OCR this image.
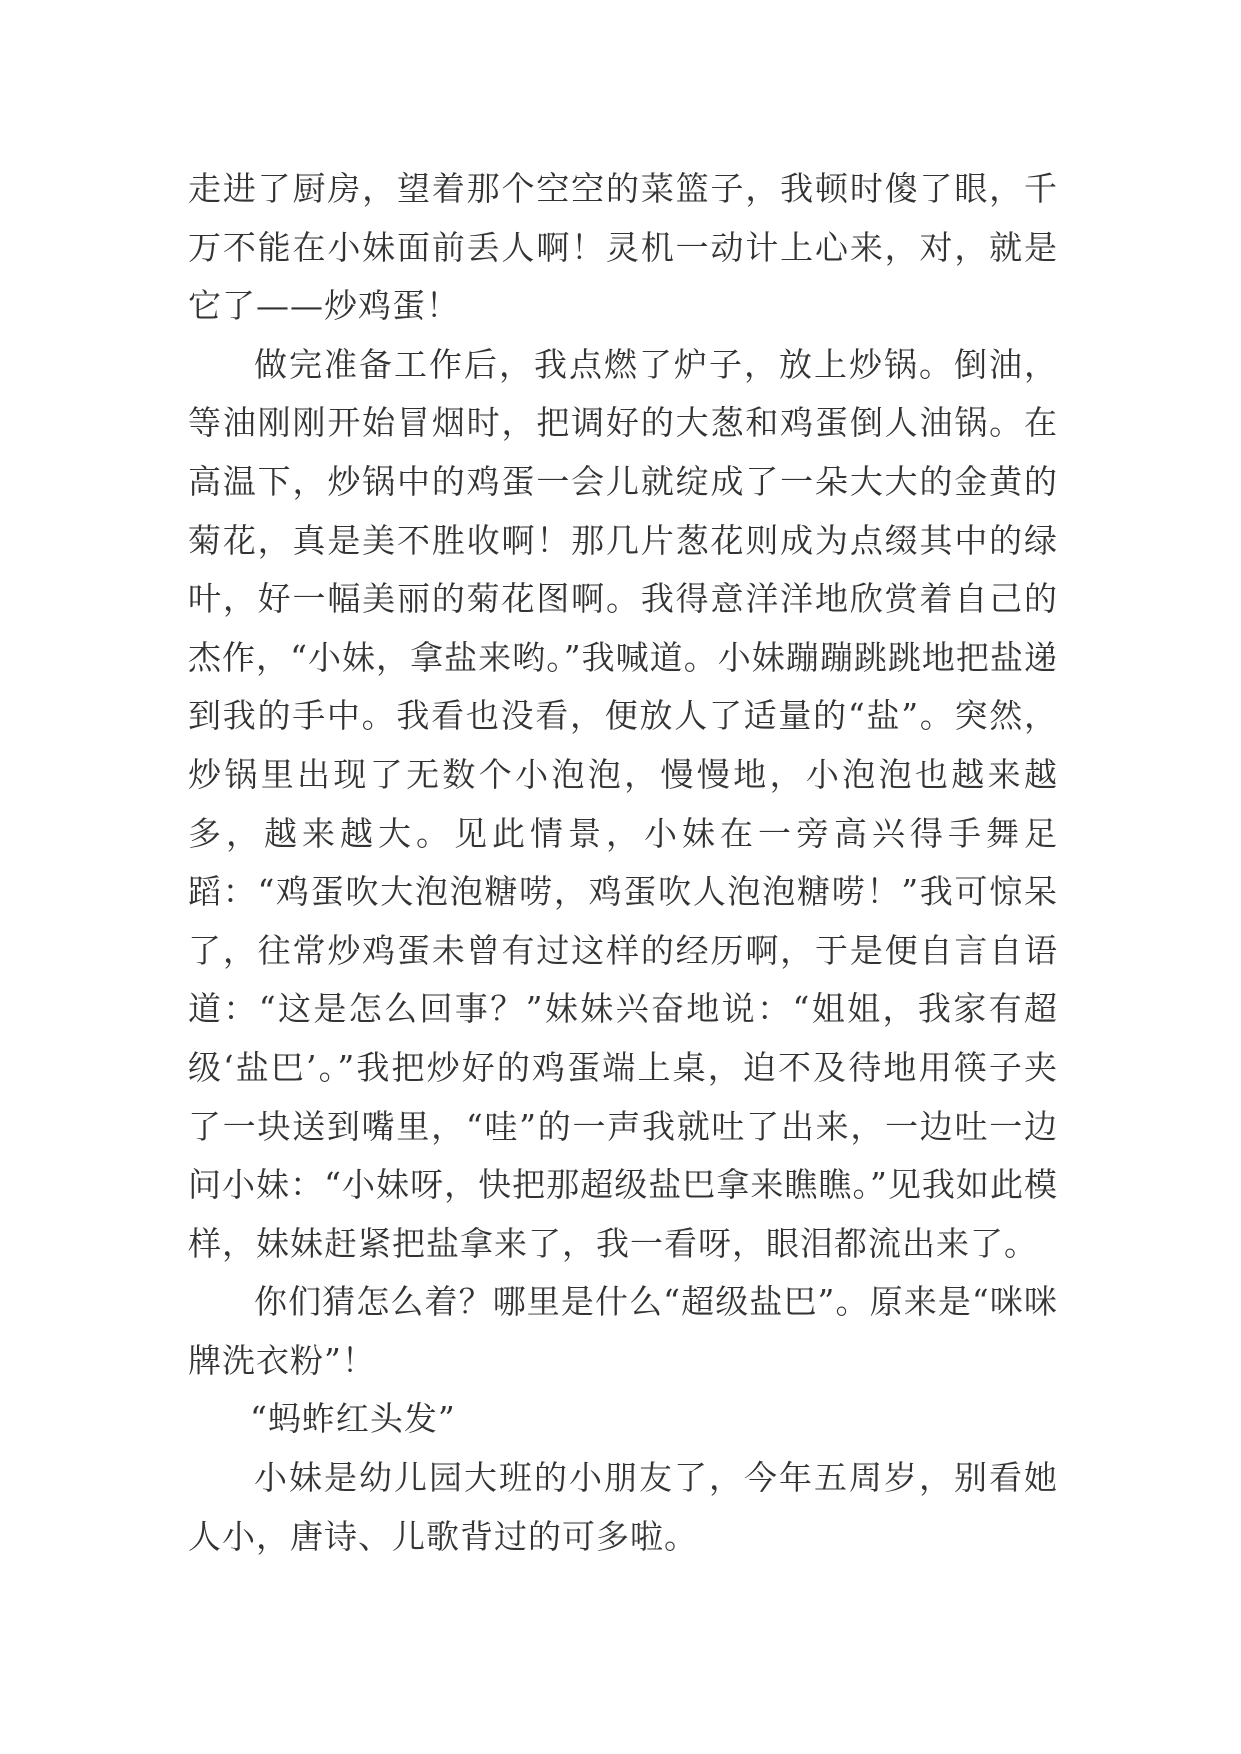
走进了厨房，望着那个空空的菜篮子，我顿时傻了眼，千万不能在小妹面前丢人啊！灵机一动计上心来，对，就是它了——炒鸡蛋！

做完准备工作后，我点燃了炉子，放上炒锅。倒油，等油刚刚开始冒烟时，把调好的大葱和鸡蛋倒人油锅。在高温下，炒锅中的鸡蛋一会儿就绽成了一朵大大的金黄的菊花，真是美不胜收啊！那几片葱花则成为点缀其中的绿叶，好一幅美丽的菊花图啊。我得意洋洋地欣赏着自己的杰作，“小妹，拿盐来哟。”我喊道。小妹蹦蹦跳跳地把盐递到我的手中。我看也没看，便放人了适量的“盐”。突然，炒锅里出现了无数个小泡泡，慢慢地，小泡泡也越来越多，越来越大。见此情景，小妹在一旁高兴得手舞足蹈：“鸡蛋吹大泡泡糖唠，鸡蛋吹人泡泡糖唠！”我可惊呆了，往常炒鸡蛋未曾有过这样的经历啊，于是便自言自语道：“这是怎么回事？”妹妹兴奋地说：“姐姐，我家有超级‘盐巴’。”我把炒好的鸡蛋端上桌，迫不及待地用筷子夹了一块送到嘴里，“哇”的一声我就吐了出来，一边吐一边问小妹：“小妹呀，快把那超级盐巴拿来瞧瞧。”见我如此模样，妹妹赶紧把盐拿来了，我一看呀，眼泪都流出来了。

你们猜怎么着？哪里是什么“超级盐巴”。原来是“咪咪牌洗衣粉”！

“蚂蚱红头发”

小妹是幼儿园大班的小朋友了，今年五周岁，别看她人小，唐诗、儿歌背过的可多啦。
